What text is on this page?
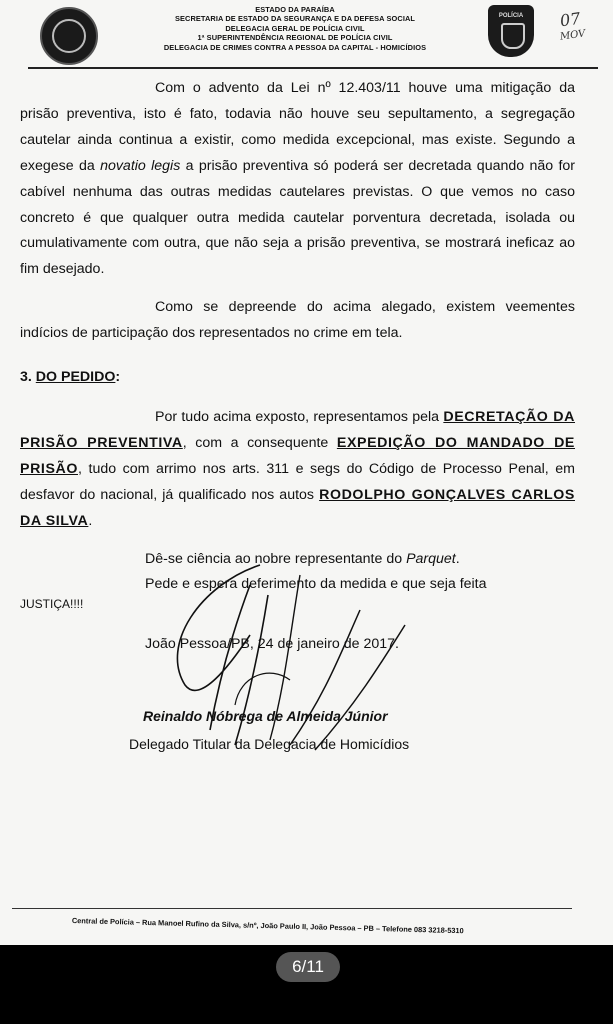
ESTADO DA PARAÍBA
SECRETARIA DE ESTADO DA SEGURANÇA E DA DEFESA SOCIAL
DELEGACIA GERAL DE POLÍCIA CIVIL
1ª SUPERINTENDÊNCIA REGIONAL DE POLÍCIA CIVIL
DELEGACIA DE CRIMES CONTRA A PESSOA DA CAPITAL - HOMICÍDIOS
POLÍCIA	07
MOV

Com o advento da Lei nº 12.403/11 houve uma mitigação da prisão preventiva, isto é fato, todavia não houve seu sepultamento, a segregação cautelar ainda continua a existir, como medida excepcional, mas existe. Segundo a exegese da novatio legis a prisão preventiva só poderá ser decretada quando não for cabível nenhuma das outras medidas cautelares previstas. O que vemos no caso concreto é que qualquer outra medida cautelar porventura decretada, isolada ou cumulativamente com outra, que não seja a prisão preventiva, se mostrará ineficaz ao fim desejado.

Como se depreende do acima alegado, existem veementes indícios de participação dos representados no crime em tela.

3. DO PEDIDO:

Por tudo acima exposto, representamos pela DECRETAÇÃO DA PRISÃO PREVENTIVA, com a consequente EXPEDIÇÃO DO MANDADO DE PRISÃO, tudo com arrimo nos arts. 311 e segs do Código de Processo Penal, em desfavor do nacional, já qualificado nos autos RODOLPHO GONÇALVES CARLOS DA SILVA.

Dê-se ciência ao nobre representante do Parquet.

Pede e espera deferimento da medida e que seja feita

JUSTIÇA!!!!

João Pessoa/PB, 24 de janeiro de 2017.

Reinaldo Nóbrega de Almeida Júnior
Delegado Titular da Delegacia de Homicídios
Central de Polícia – Rua Manoel Rufino da Silva, s/nº, João Paulo II, João Pessoa – PB – Telefone 083 3218-5310
6/11
